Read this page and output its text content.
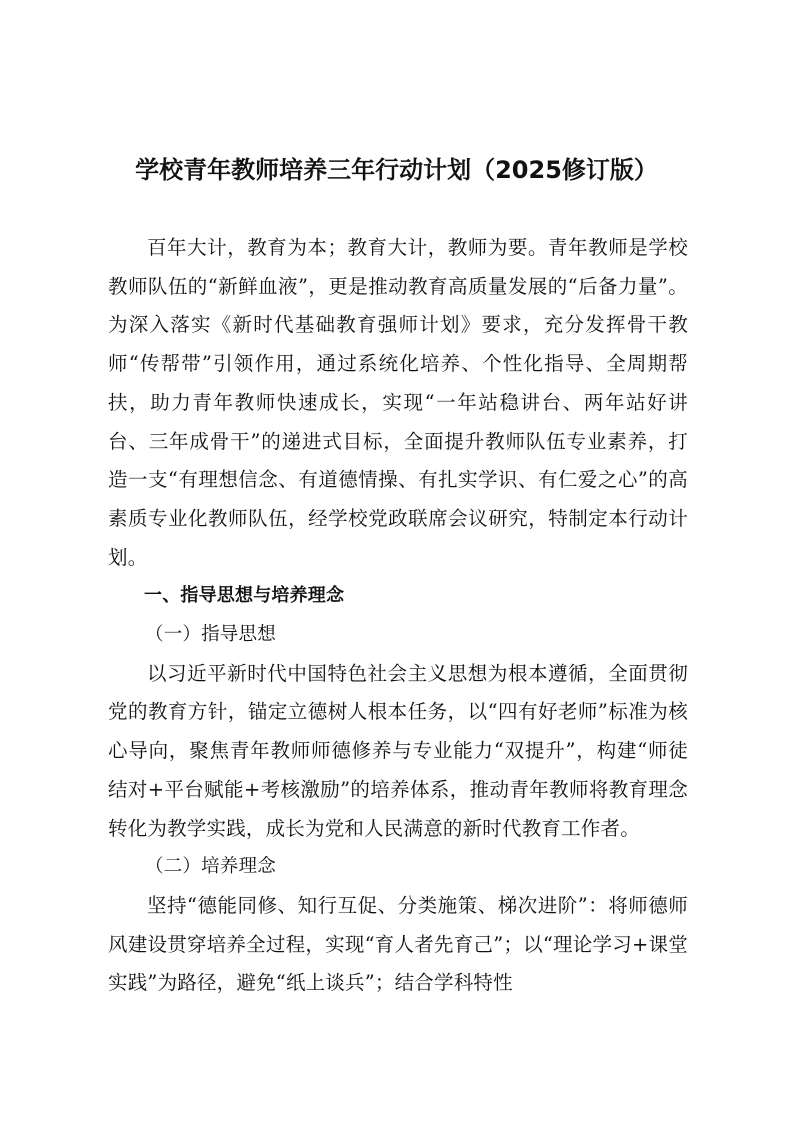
学校青年教师培养三年行动计划（2025修订版）

百年大计，教育为本；教育大计，教师为要。青年教师是学校教师队伍的“新鲜血液”，更是推动教育高质量发展的“后备力量”。为深入落实《新时代基础教育强师计划》要求，充分发挥骨干教师“传帮带”引领作用，通过系统化培养、个性化指导、全周期帮扶，助力青年教师快速成长，实现“一年站稳讲台、两年站好讲台、三年成骨干”的递进式目标，全面提升教师队伍专业素养，打造一支“有理想信念、有道德情操、有扎实学识、有仁爱之心”的高素质专业化教师队伍，经学校党政联席会议研究，特制定本行动计划。

一、指导思想与培养理念

（一）指导思想

以习近平新时代中国特色社会主义思想为根本遵循，全面贯彻党的教育方针，锚定立德树人根本任务，以“四有好老师”标准为核心导向，聚焦青年教师师德修养与专业能力“双提升”，构建“师徒结对+平台赋能+考核激励”的培养体系，推动青年教师将教育理念转化为教学实践，成长为党和人民满意的新时代教育工作者。

（二）培养理念

坚持“德能同修、知行互促、分类施策、梯次进阶”：将师德师风建设贯穿培养全过程，实现“育人者先育己”；以“理论学习+课堂实践”为路径，避免“纸上谈兵”；结合学科特性
